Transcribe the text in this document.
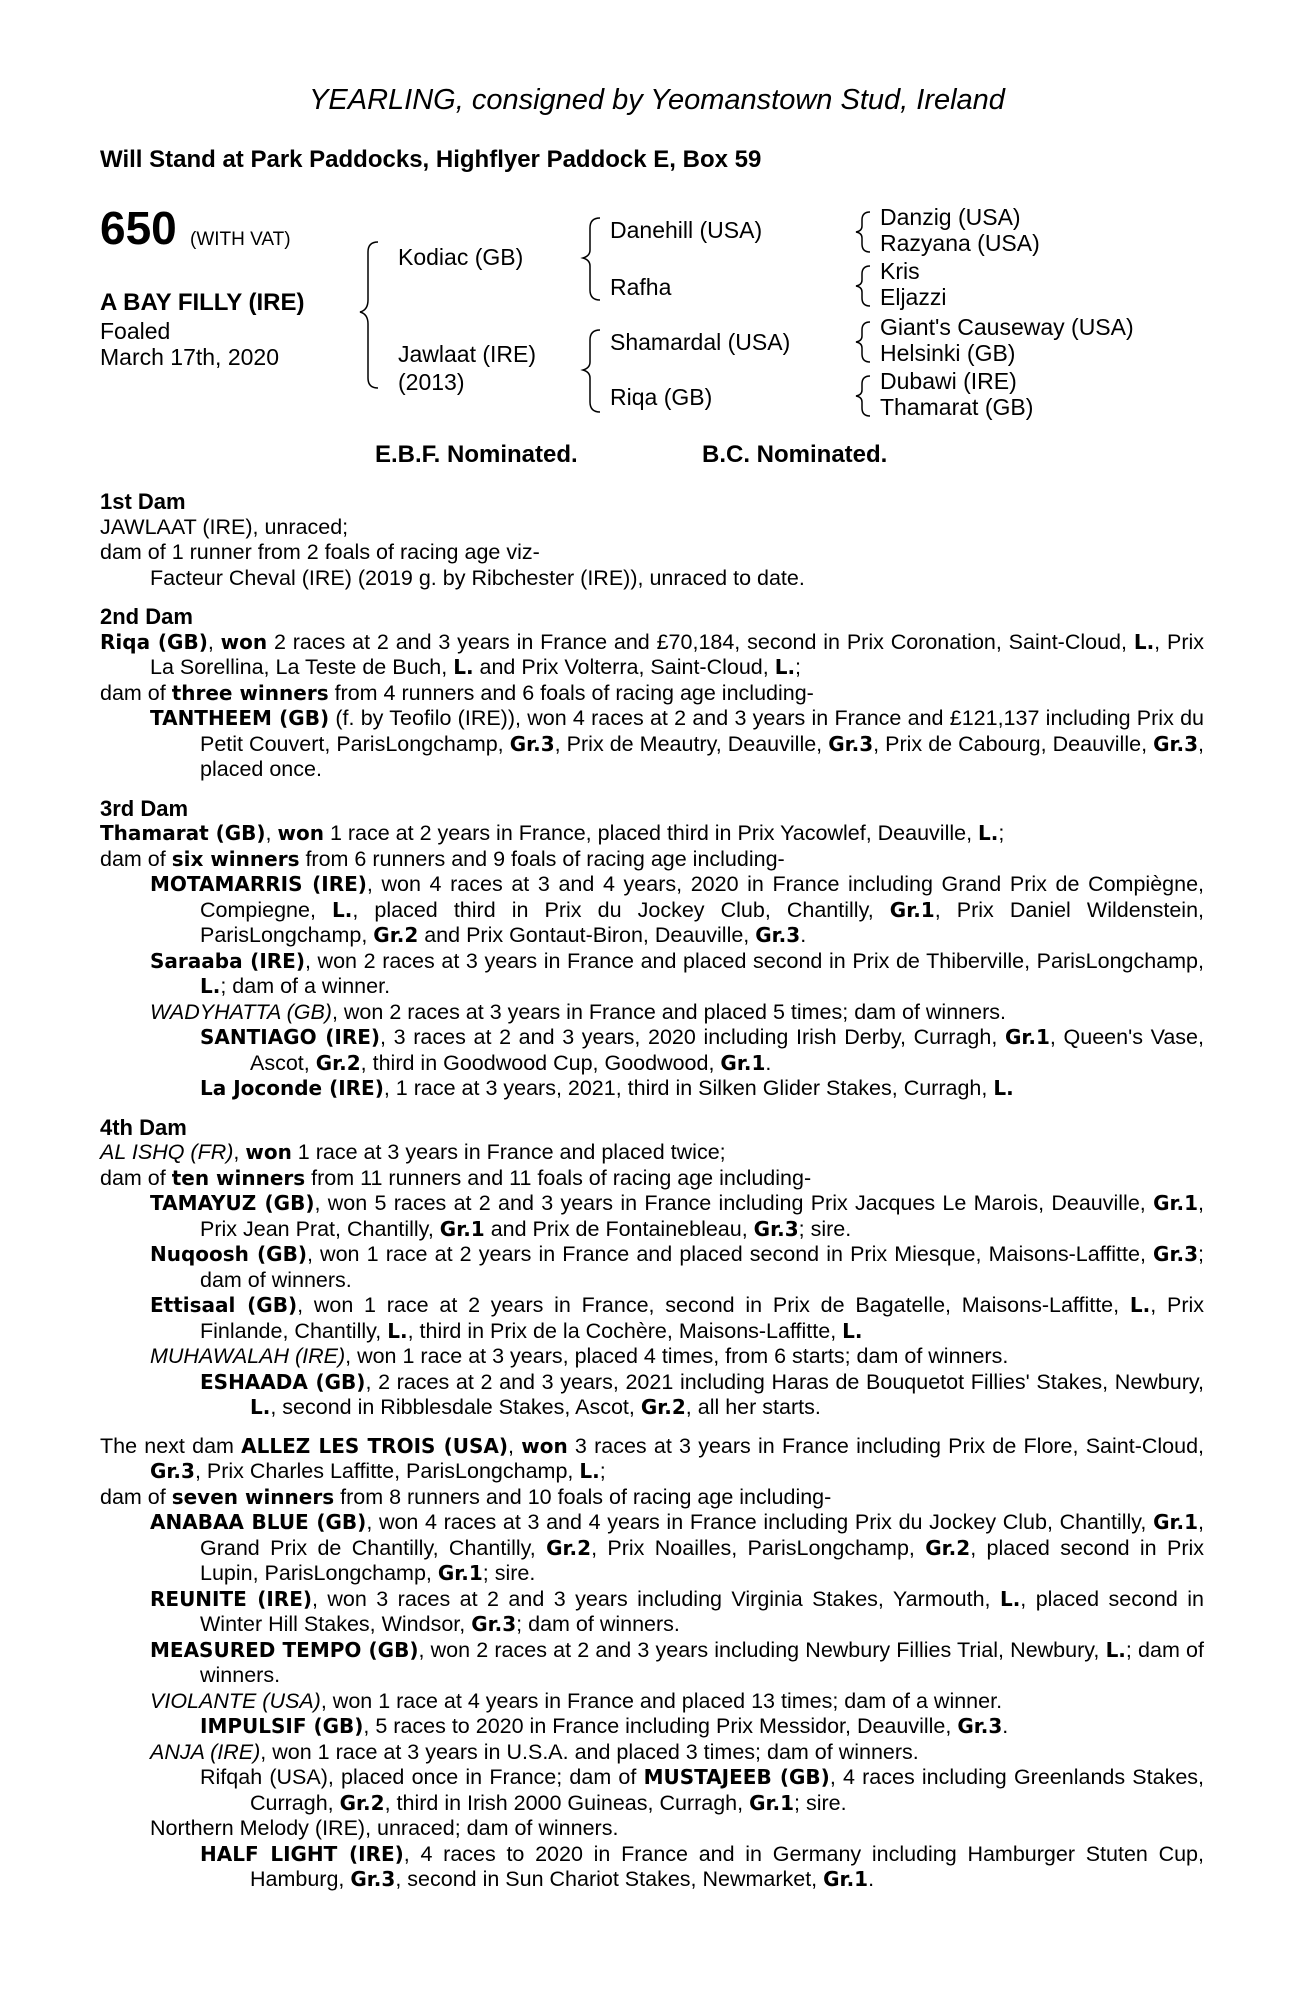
YEARLING, consigned by Yeomanstown Stud, Ireland
Will Stand at Park Paddocks, Highflyer Paddock E, Box 59
650 (WITH VAT)
A BAY FILLY (IRE)
Foaled
March 17th, 2020
Kodiac (GB)
Jawlaat (IRE)
(2013)
Danehill (USA)
Rafha
Shamardal (USA)
Riqa (GB)
Danzig (USA)
Razyana (USA)
Kris
Eljazzi
Giant's Causeway (USA)
Helsinki (GB)
Dubawi (IRE)
Thamarat (GB)
E.B.F. Nominated.	B.C. Nominated.

1st Dam

JAWLAAT (IRE), unraced;

dam of 1 runner from 2 foals of racing age viz-

Facteur Cheval (IRE) (2019 g. by Ribchester (IRE)), unraced to date.

2nd Dam

Riqa (GB), won 2 races at 2 and 3 years in France and £70,184, second in Prix Coronation, Saint-Cloud, L., Prix La Sorellina, La Teste de Buch, L. and Prix Volterra, Saint-Cloud, L.;

dam of three winners from 4 runners and 6 foals of racing age including-

TANTHEEM (GB) (f. by Teofilo (IRE)), won 4 races at 2 and 3 years in France and £121,137 including Prix du Petit Couvert, ParisLongchamp, Gr.3, Prix de Meautry, Deauville, Gr.3, Prix de Cabourg, Deauville, Gr.3, placed once.

3rd Dam

Thamarat (GB), won 1 race at 2 years in France, placed third in Prix Yacowlef, Deauville, L.;

dam of six winners from 6 runners and 9 foals of racing age including-

MOTAMARRIS (IRE), won 4 races at 3 and 4 years, 2020 in France including Grand Prix de Compiègne, Compiegne, L., placed third in Prix du Jockey Club, Chantilly, Gr.1, Prix Daniel Wildenstein, ParisLongchamp, Gr.2 and Prix Gontaut-Biron, Deauville, Gr.3.

Saraaba (IRE), won 2 races at 3 years in France and placed second in Prix de Thiberville, ParisLongchamp, L.; dam of a winner.

WADYHATTA (GB), won 2 races at 3 years in France and placed 5 times; dam of winners.

SANTIAGO (IRE), 3 races at 2 and 3 years, 2020 including Irish Derby, Curragh, Gr.1, Queen's Vase, Ascot, Gr.2, third in Goodwood Cup, Goodwood, Gr.1.

La Joconde (IRE), 1 race at 3 years, 2021, third in Silken Glider Stakes, Curragh, L.

4th Dam

AL ISHQ (FR), won 1 race at 3 years in France and placed twice;

dam of ten winners from 11 runners and 11 foals of racing age including-

TAMAYUZ (GB), won 5 races at 2 and 3 years in France including Prix Jacques Le Marois, Deauville, Gr.1, Prix Jean Prat, Chantilly, Gr.1 and Prix de Fontainebleau, Gr.3; sire.

Nuqoosh (GB), won 1 race at 2 years in France and placed second in Prix Miesque, Maisons-Laffitte, Gr.3; dam of winners.

Ettisaal (GB), won 1 race at 2 years in France, second in Prix de Bagatelle, Maisons-Laffitte, L., Prix Finlande, Chantilly, L., third in Prix de la Cochère, Maisons-Laffitte, L.

MUHAWALAH (IRE), won 1 race at 3 years, placed 4 times, from 6 starts; dam of winners.

ESHAADA (GB), 2 races at 2 and 3 years, 2021 including Haras de Bouquetot Fillies' Stakes, Newbury, L., second in Ribblesdale Stakes, Ascot, Gr.2, all her starts.

The next dam ALLEZ LES TROIS (USA), won 3 races at 3 years in France including Prix de Flore, Saint-Cloud, Gr.3, Prix Charles Laffitte, ParisLongchamp, L.;

dam of seven winners from 8 runners and 10 foals of racing age including-

ANABAA BLUE (GB), won 4 races at 3 and 4 years in France including Prix du Jockey Club, Chantilly, Gr.1, Grand Prix de Chantilly, Chantilly, Gr.2, Prix Noailles, ParisLongchamp, Gr.2, placed second in Prix Lupin, ParisLongchamp, Gr.1; sire.

REUNITE (IRE), won 3 races at 2 and 3 years including Virginia Stakes, Yarmouth, L., placed second in Winter Hill Stakes, Windsor, Gr.3; dam of winners.

MEASURED TEMPO (GB), won 2 races at 2 and 3 years including Newbury Fillies Trial, Newbury, L.; dam of winners.

VIOLANTE (USA), won 1 race at 4 years in France and placed 13 times; dam of a winner.

IMPULSIF (GB), 5 races to 2020 in France including Prix Messidor, Deauville, Gr.3.

ANJA (IRE), won 1 race at 3 years in U.S.A. and placed 3 times; dam of winners.

Rifqah (USA), placed once in France; dam of MUSTAJEEB (GB), 4 races including Greenlands Stakes, Curragh, Gr.2, third in Irish 2000 Guineas, Curragh, Gr.1; sire.

Northern Melody (IRE), unraced; dam of winners.

HALF LIGHT (IRE), 4 races to 2020 in France and in Germany including Hamburger Stuten Cup, Hamburg, Gr.3, second in Sun Chariot Stakes, Newmarket, Gr.1.
